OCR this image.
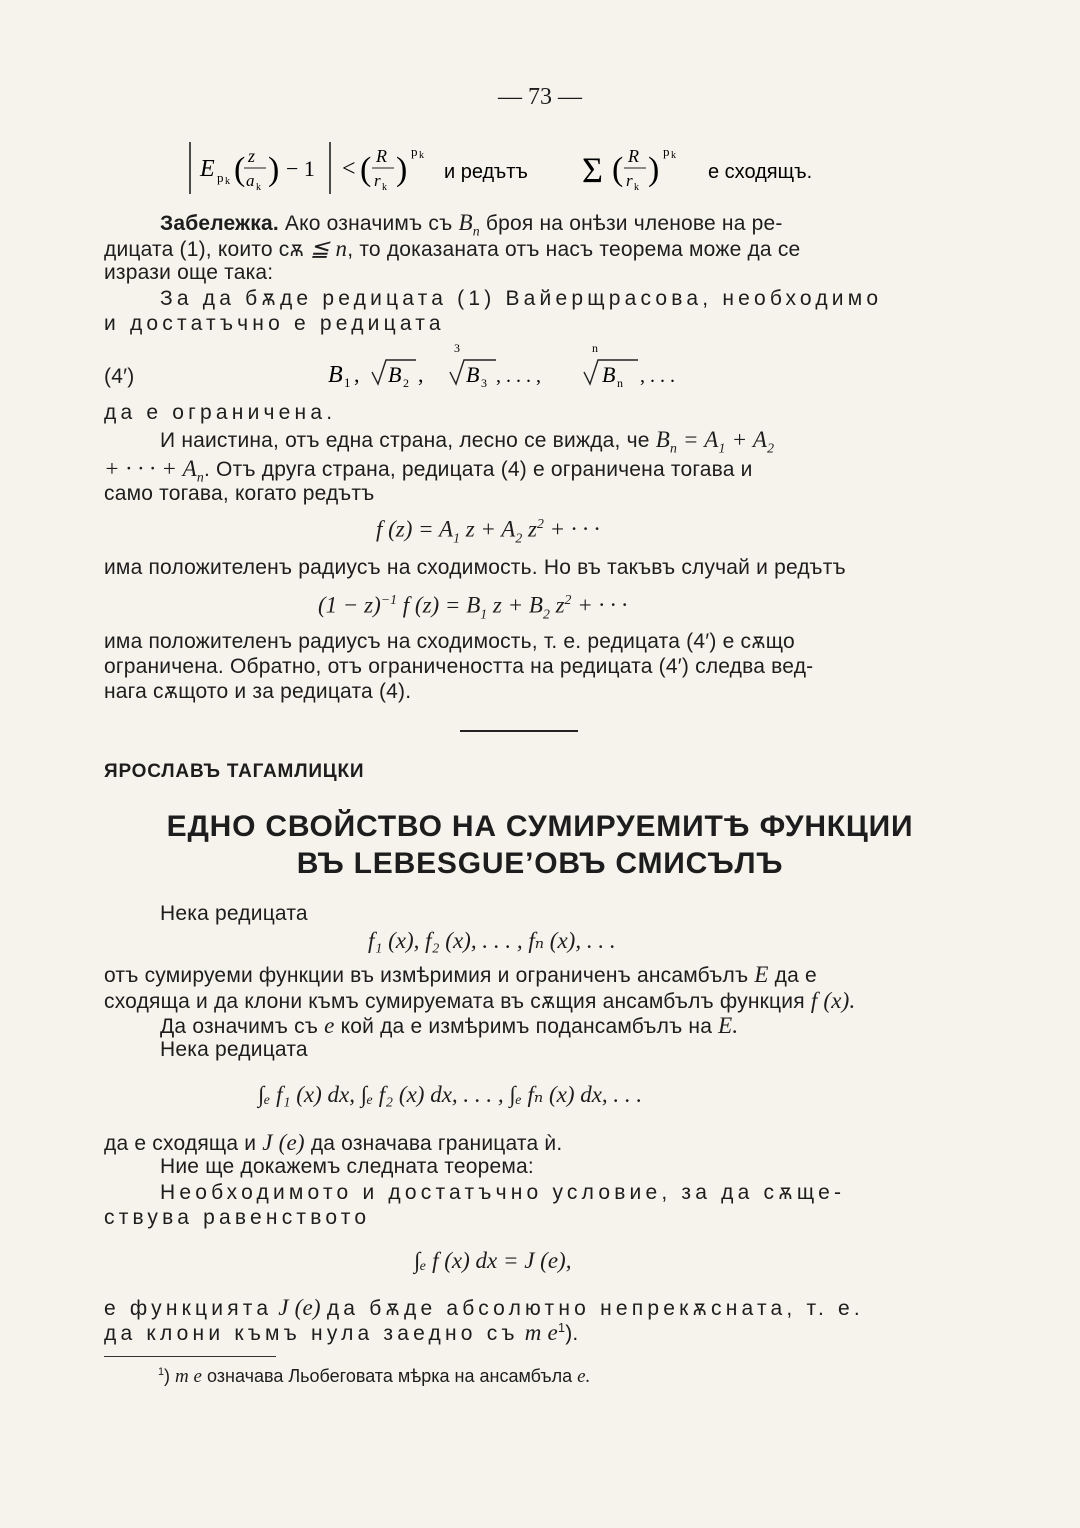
— 73 —
E p k ( z
a k ) − 1 < ( R
r k ) p k
и редътъ Σ ( R
r k ) p k
е сходящъ.
Забележка. Ако означимъ съ $B_n$ броя на онѣзи членове на ре-
дицата (1), които сѫ ≦ n, то доказаната отъ насъ теорема може да се
изрази още така:
За да бѫде редицата (1) Вайерщрасова, необходимо
и достатъчно е редицата
(4′)	B 1 , B 2 ,
3
B 3 , . . . ,
n
B n , . . .
да е ограничена.
И наистина, отъ една страна, лесно се вижда, че $B_n = A_1 + A_2$
+ · · · + $A_n$. Отъ друга страна, редицата (4) е ограничена тогава и
само тогава, когато редътъ
f $(z) = A_1$ $z + A_2$ $z^2$ + · · ·
има положителенъ радиусъ на сходимость. Но въ такъвъ случай и редътъ
$(1 - z)^{-1}$ f $(z) = B_1$ $z + B_2$ $z^2$ + · · ·
има положителенъ радиусъ на сходимость, т. е. редицата (4′) е сѫщо
ограничена. Обратно, отъ ограничеността на редицата (4′) следва вед-
нага сѫщото и за редицата (4).
ЯРОСЛАВЪ ТАГАМЛИЦКИ
ЕДНО СВОЙСТВО НА СУМИРУЕМИТѢ ФУНКЦИИ
ВЪ LEBESGUE’ОВЪ СМИСЪЛЪ
Нека редицата
f₁ (x), f₂ (x), . . . , fₙ (x), . . .
отъ сумируеми функции въ измѣримия и ограниченъ ансамбълъ E да е
сходяща и да клони къмъ сумируемата въ сѫщия ансамбълъ функция f (x).
Да означимъ съ e кой да е измѣримъ подансамбълъ на E.
Нека редицата
∫ₑ f₁ (x) dx, ∫ₑ f₂ (x) dx, . . . , ∫ₑ fₙ (x) dx, . . .
да е сходяща и J (e) да означава границата ѝ.
Ние ще докажемъ следната теорема:
Необходимото и достатъчно условие, за да сѫще-
ствува равенството
∫ₑ f (x) dx = J (e),
е функцията J (e) да бѫде абсолютно непрекѫсната, т. е.
да клони къмъ нула заедно съ m $e^1$).
$^1$) m e означава Льобеговата мѣрка на ансамбъла e.
